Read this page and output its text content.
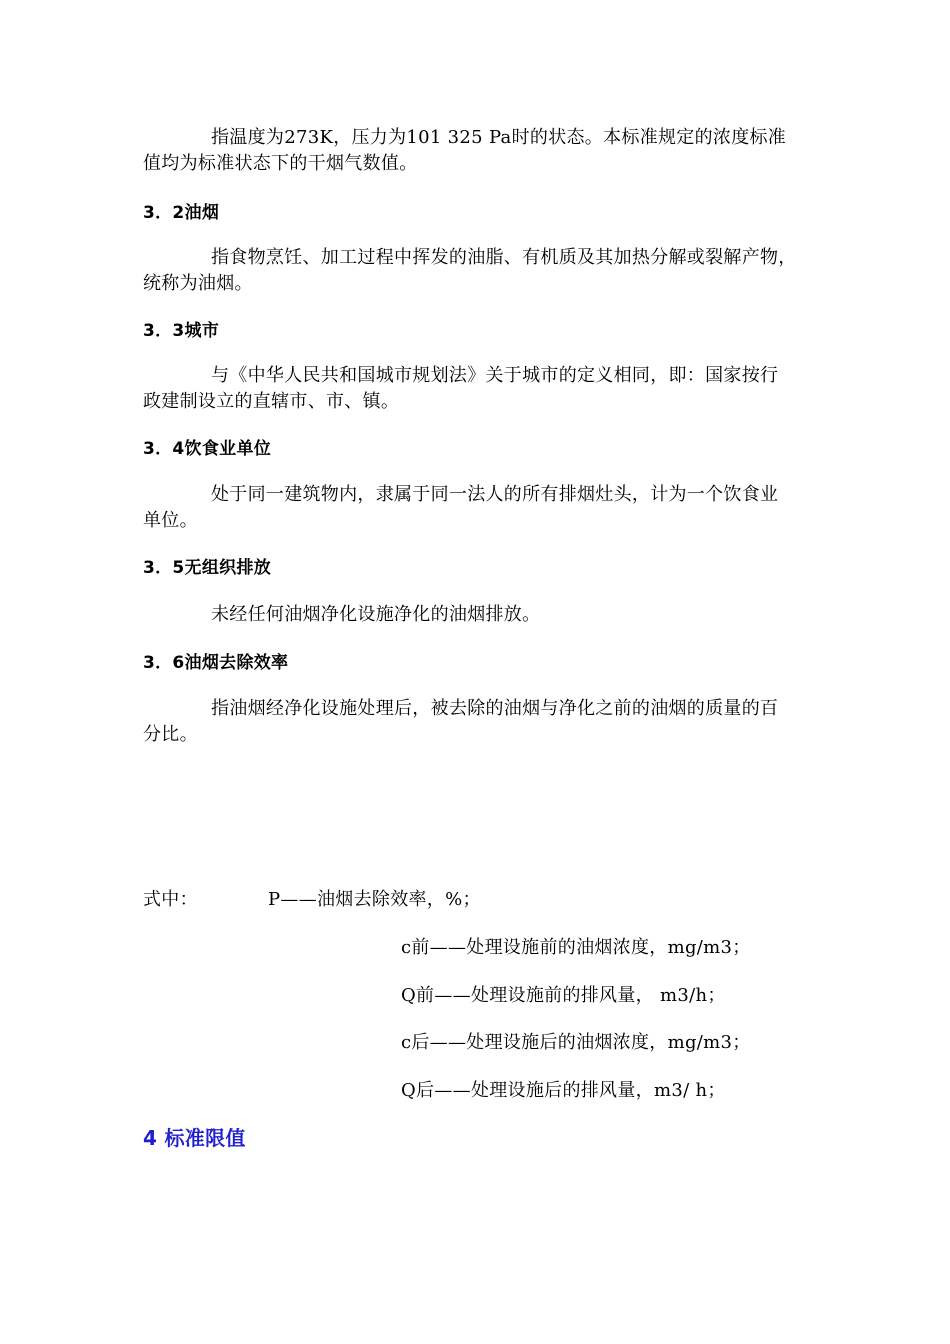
指温度为273K，压力为101 325 Pa时的状态。本标准规定的浓度标准
值均为标准状态下的干烟气数值。
3．2油烟
指食物烹饪、加工过程中挥发的油脂、有机质及其加热分解或裂解产物，
统称为油烟。
3．3城市
与《中华人民共和国城市规划法》关于城市的定义相同，即：国家按行
政建制设立的直辖市、市、镇。
3．4饮食业单位
处于同一建筑物内，隶属于同一法人的所有排烟灶头，计为一个饮食业
单位。
3．5无组织排放
未经任何油烟净化设施净化的油烟排放。
3．6油烟去除效率
指油烟经净化设施处理后，被去除的油烟与净化之前的油烟的质量的百
分比。
式中：	P——油烟去除效率，%；
c前——处理设施前的油烟浓度，mg/m3；
Q前——处理设施前的排风量， m3/h；
c后——处理设施后的油烟浓度，mg/m3；
Q后——处理设施后的排风量，m3/ h；
4 标准限值
